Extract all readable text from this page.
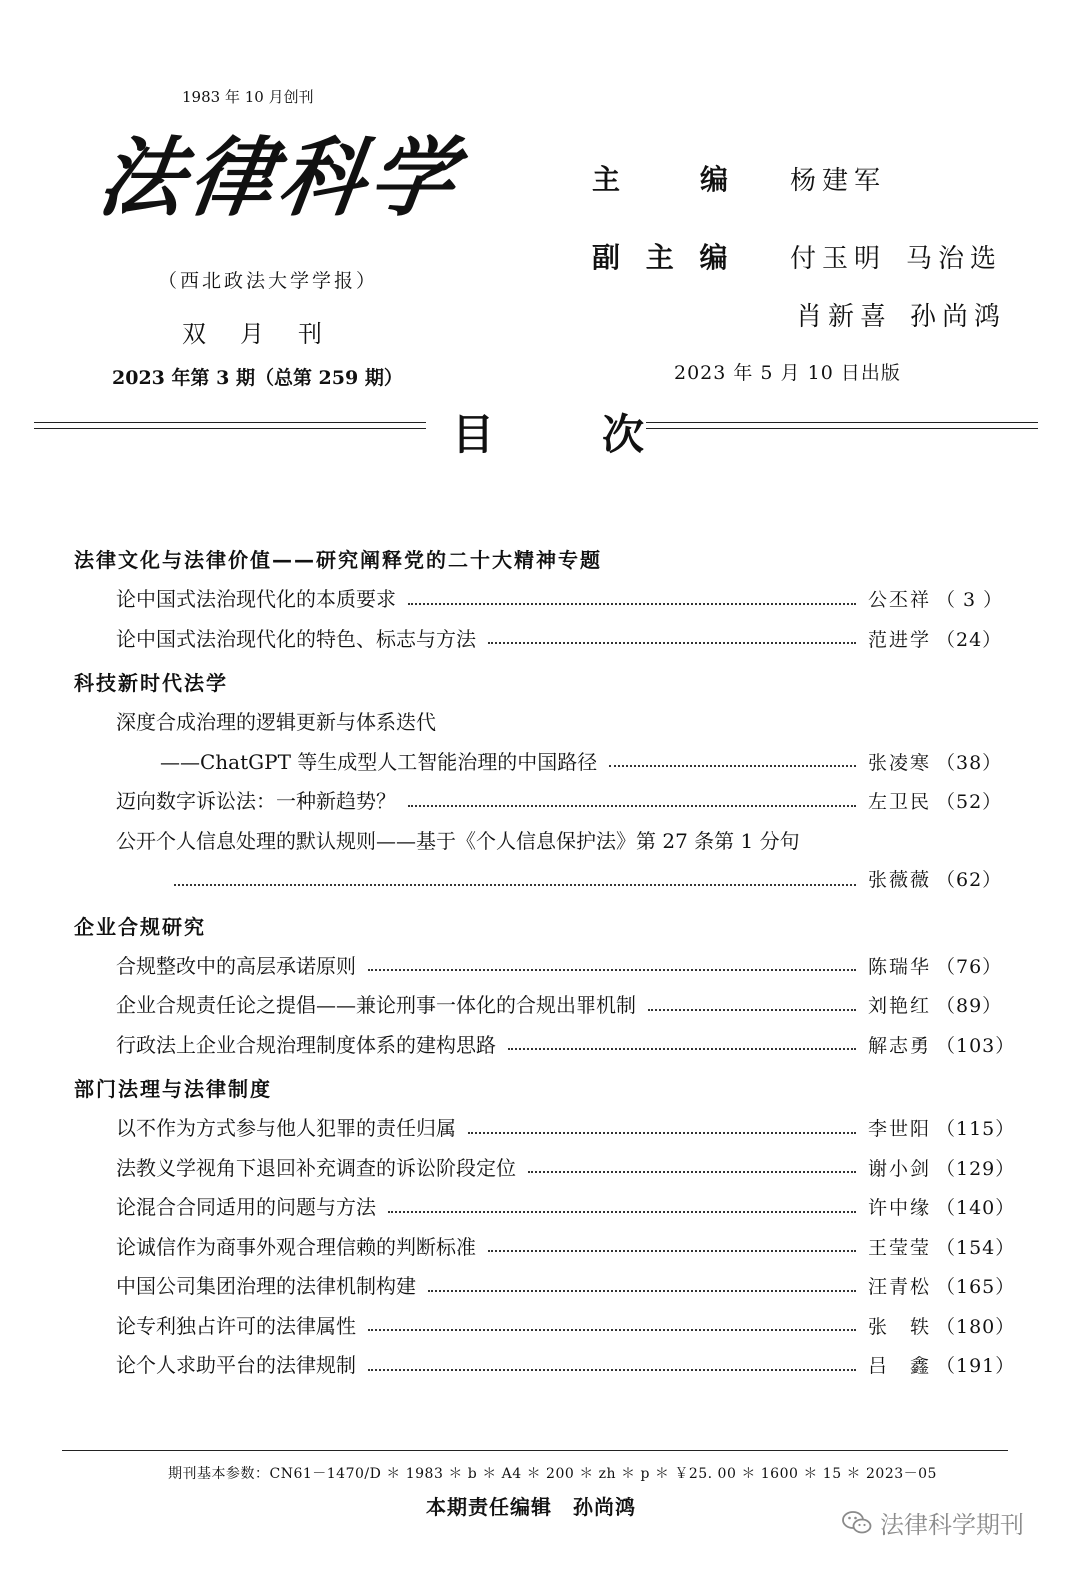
1983 年 10 月创刊
法律科学
（西北政法大学学报）
双月刊
2023 年第 3 期（总第 259 期）
主　　编 杨建军
副 主 编 付玉明 马治选
肖新喜 孙尚鸿
2023 年 5 月 10 日出版
目次
法律文化与法律价值——研究阐释党的二十大精神专题
论中国式法治现代化的本质要求	公丕祥 （ 3 ）
论中国式法治现代化的特色、标志与方法	范进学 （24）
科技新时代法学
深度合成治理的逻辑更新与体系迭代
——ChatGPT 等生成型人工智能治理的中国路径	张凌寒 （38）
迈向数字诉讼法：一种新趋势？	左卫民 （52）
公开个人信息处理的默认规则——基于《个人信息保护法》第 27 条第 1 分句
张薇薇 （62）
企业合规研究
合规整改中的高层承诺原则	陈瑞华 （76）
企业合规责任论之提倡——兼论刑事一体化的合规出罪机制	刘艳红 （89）
行政法上企业合规治理制度体系的建构思路	解志勇 （103）
部门法理与法律制度
以不作为方式参与他人犯罪的责任归属	李世阳 （115）
法教义学视角下退回补充调查的诉讼阶段定位	谢小剑 （129）
论混合合同适用的问题与方法	许中缘 （140）
论诚信作为商事外观合理信赖的判断标准	王莹莹 （154）
中国公司集团治理的法律机制构建	汪青松 （165）
论专利独占许可的法律属性	张　轶 （180）
论个人求助平台的法律规制	吕　鑫 （191）
期刊基本参数：CN61－1470/D ＊ 1983 ＊ b ＊ A4 ＊ 200 ＊ zh ＊ p ＊ ￥25. 00 ＊ 1600 ＊ 15 ＊ 2023－05
本期责任编辑　孙尚鸿
法律科学期刊
